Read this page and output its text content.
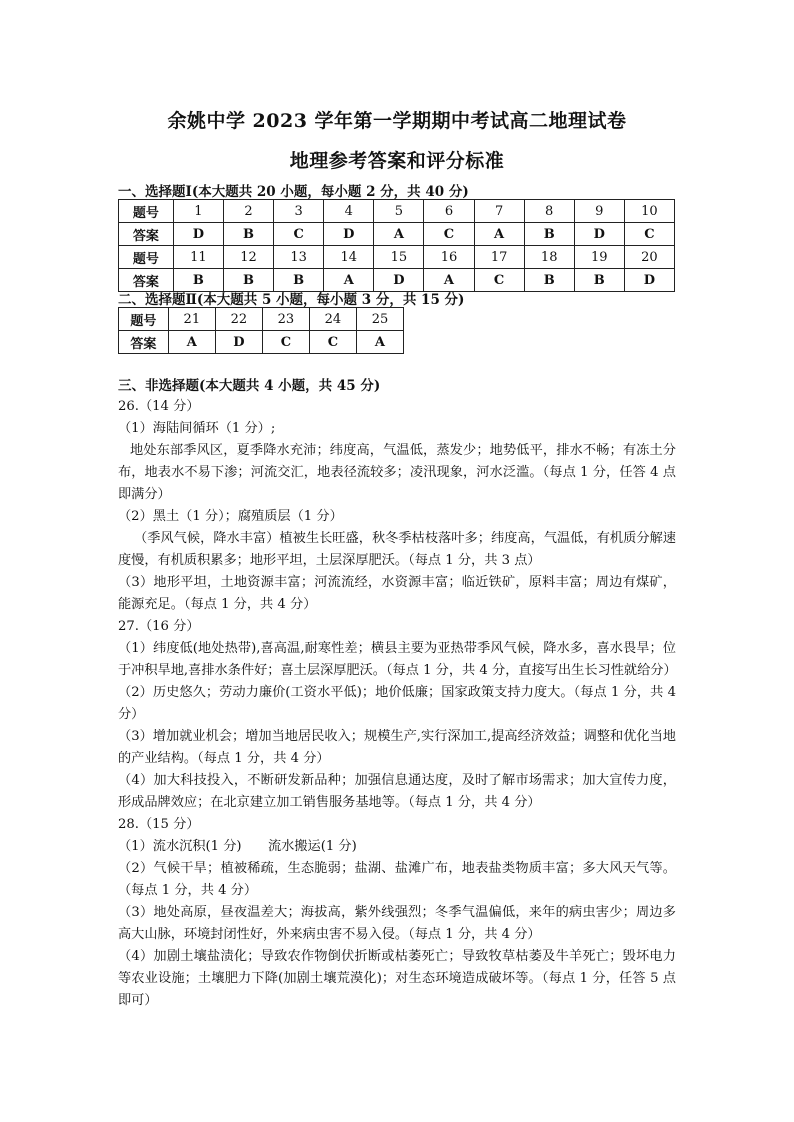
余姚中学 2023 学年第一学期期中考试高二地理试卷
地理参考答案和评分标准
一、选择题Ⅰ(本大题共 20 小题，每小题 2 分，共 40 分)
题号	1	2	3	4	5	6	7	8	9	10
答案	D	B	C	D	A	C	A	B	D	C
题号	11	12	13	14	15	16	17	18	19	20
答案	B	B	B	A	D	A	C	B	B	D
二、选择题Ⅱ(本大题共 5 小题，每小题 3 分，共 15 分)
题号	21	22	23	24	25
答案	A	D	C	C	A
三、非选择题(本大题共 4 小题，共 45 分)

26.（14 分）

（1）海陆间循环（1 分）;

地处东部季风区，夏季降水充沛；纬度高，气温低，蒸发少；地势低平，排水不畅；有冻土分布，地表水不易下渗；河流交汇，地表径流较多；凌汛现象，河水泛滥。（每点 1 分，任答 4 点即满分）

（2）黑土（1 分）；腐殖质层（1 分）

（季风气候，降水丰富）植被生长旺盛，秋冬季枯枝落叶多；纬度高，气温低，有机质分解速度慢，有机质积累多；地形平坦，土层深厚肥沃。（每点 1 分，共 3 点）

（3）地形平坦，土地资源丰富；河流流经，水资源丰富；临近铁矿，原料丰富；周边有煤矿，能源充足。（每点 1 分，共 4 分）

27.（16 分）

（1）纬度低(地处热带),喜高温,耐寒性差；横县主要为亚热带季风气候，降水多，喜水畏旱；位于冲积旱地,喜排水条件好；喜土层深厚肥沃。（每点 1 分，共 4 分，直接写出生长习性就给分）

（2）历史悠久；劳动力廉价(工资水平低)；地价低廉；国家政策支持力度大。（每点 1 分，共 4 分）

（3）增加就业机会；增加当地居民收入；规模生产,实行深加工,提高经济效益；调整和优化当地的产业结构。（每点 1 分，共 4 分）

（4）加大科技投入，不断研发新品种；加强信息通达度，及时了解市场需求；加大宣传力度，形成品牌效应；在北京建立加工销售服务基地等。（每点 1 分，共 4 分）

28.（15 分）

（1）流水沉积(1 分)　　流水搬运(1 分)

（2）气候干旱；植被稀疏，生态脆弱；盐湖、盐滩广布，地表盐类物质丰富；多大风天气等。（每点 1 分，共 4 分）

（3）地处高原，昼夜温差大；海拔高，紫外线强烈；冬季气温偏低，来年的病虫害少；周边多高大山脉，环境封闭性好，外来病虫害不易入侵。（每点 1 分，共 4 分）

（4）加剧土壤盐渍化；导致农作物倒伏折断或枯萎死亡；导致牧草枯萎及牛羊死亡；毁坏电力等农业设施；土壤肥力下降(加剧土壤荒漠化)；对生态环境造成破坏等。（每点 1 分，任答 5 点即可）
